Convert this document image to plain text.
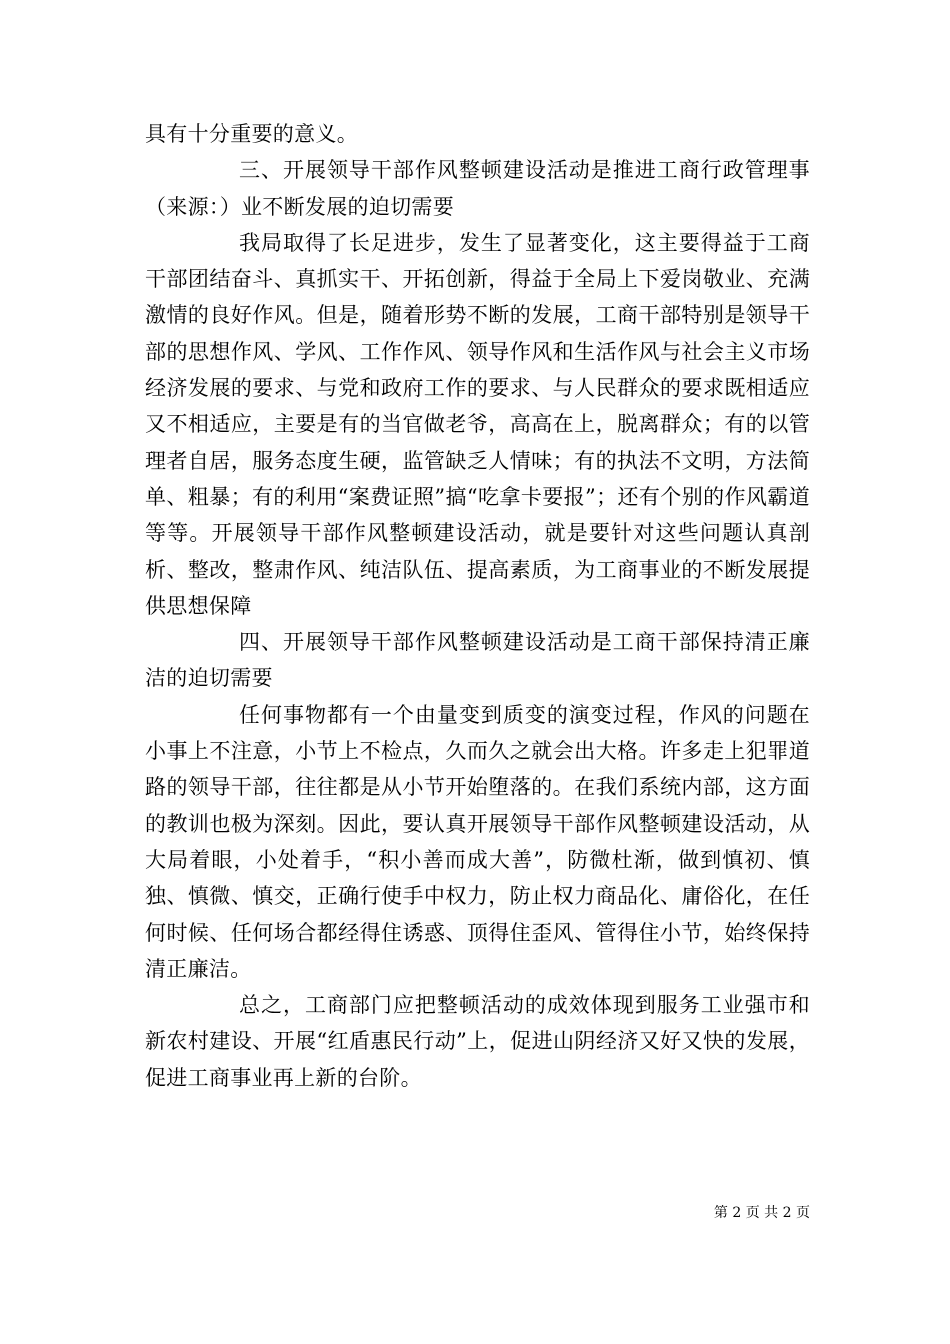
具有十分重要的意义。

三、开展领导干部作风整顿建设活动是推进工商行政管理事（来源：）业不断发展的迫切需要

我局取得了长足进步，发生了显著变化，这主要得益于工商干部团结奋斗、真抓实干、开拓创新，得益于全局上下爱岗敬业、充满激情的良好作风。但是，随着形势不断的发展，工商干部特别是领导干部的思想作风、学风、工作作风、领导作风和生活作风与社会主义市场经济发展的要求、与党和政府工作的要求、与人民群众的要求既相适应又不相适应，主要是有的当官做老爷，高高在上，脱离群众；有的以管理者自居，服务态度生硬，监管缺乏人情味；有的执法不文明，方法简单、粗暴；有的利用“案费证照”搞“吃拿卡要报”；还有个别的作风霸道等等。开展领导干部作风整顿建设活动，就是要针对这些问题认真剖析、整改，整肃作风、纯洁队伍、提高素质，为工商事业的不断发展提供思想保障

四、开展领导干部作风整顿建设活动是工商干部保持清正廉洁的迫切需要

任何事物都有一个由量变到质变的演变过程，作风的问题在小事上不注意，小节上不检点，久而久之就会出大格。许多走上犯罪道路的领导干部，往往都是从小节开始堕落的。在我们系统内部，这方面的教训也极为深刻。因此，要认真开展领导干部作风整顿建设活动，从大局着眼，小处着手，“积小善而成大善”，防微杜渐，做到慎初、慎独、慎微、慎交，正确行使手中权力，防止权力商品化、庸俗化，在任何时候、任何场合都经得住诱惑、顶得住歪风、管得住小节，始终保持清正廉洁。

总之，工商部门应把整顿活动的成效体现到服务工业强市和新农村建设、开展“红盾惠民行动”上，促进山阴经济又好又快的发展，促进工商事业再上新的台阶。

第 2 页 共 2 页
